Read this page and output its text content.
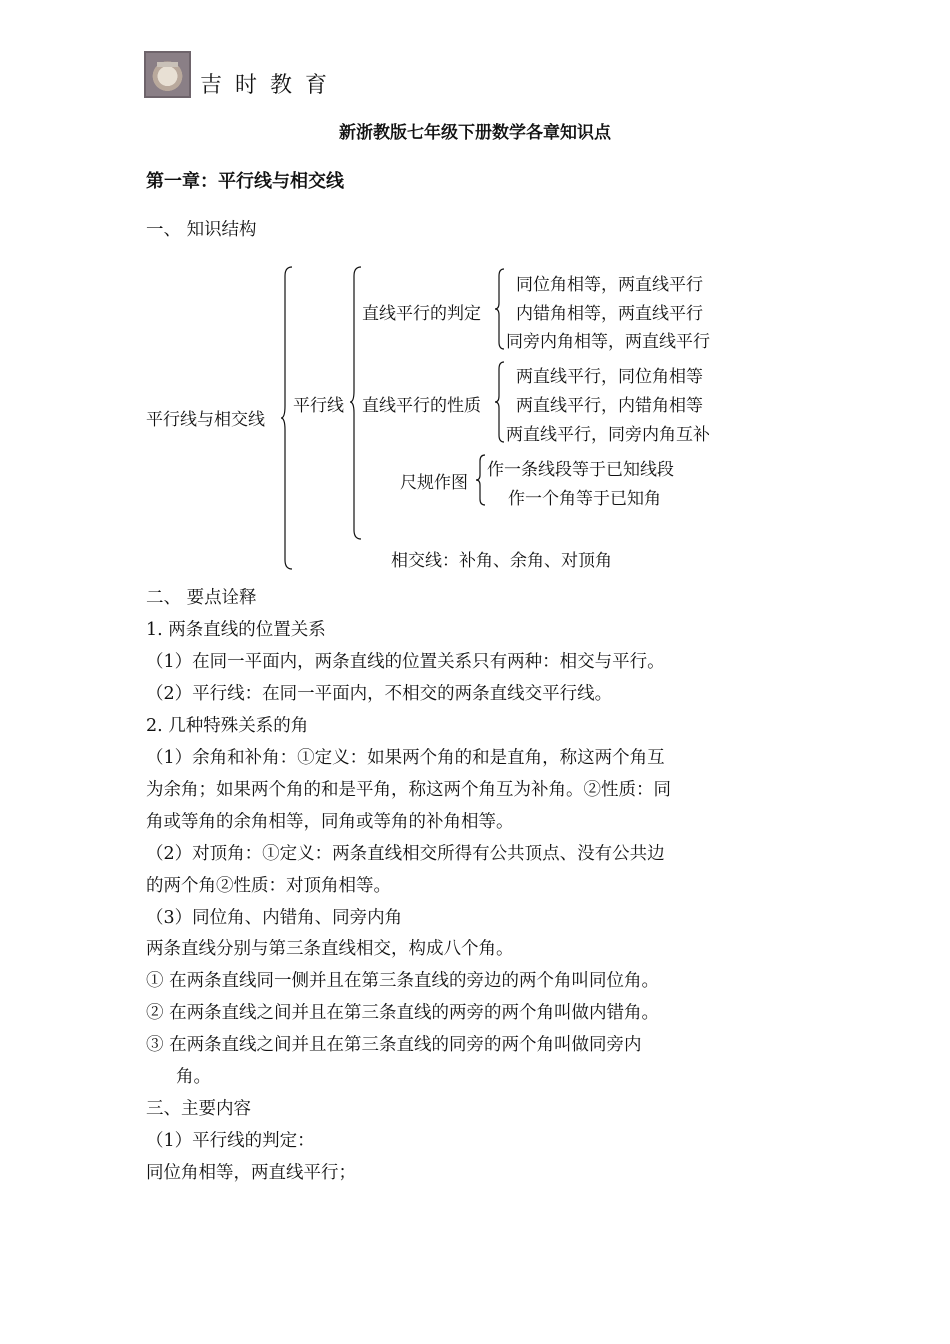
吉时教育
新浙教版七年级下册数学各章知识点
第一章：平行线与相交线
一、 知识结构
平行线与相交线
平行线
直线平行的判定
同位角相等，两直线平行
内错角相等，两直线平行
同旁内角相等，两直线平行
直线平行的性质
两直线平行，同位角相等
两直线平行，内错角相等
两直线平行，同旁内角互补
尺规作图
作一条线段等于已知线段
作一个角等于已知角
相交线：补角、余角、对顶角
二、 要点诠释
1. 两条直线的位置关系
（1）在同一平面内，两条直线的位置关系只有两种：相交与平行。
（2）平行线：在同一平面内，不相交的两条直线交平行线。
2. 几种特殊关系的角
（1）余角和补角：①定义：如果两个角的和是直角，称这两个角互
为余角；如果两个角的和是平角，称这两个角互为补角。②性质：同
角或等角的余角相等，同角或等角的补角相等。
（2）对顶角：①定义：两条直线相交所得有公共顶点、没有公共边
的两个角②性质：对顶角相等。
（3）同位角、内错角、同旁内角
两条直线分别与第三条直线相交，构成八个角。
① 在两条直线同一侧并且在第三条直线的旁边的两个角叫同位角。
② 在两条直线之间并且在第三条直线的两旁的两个角叫做内错角。
③ 在两条直线之间并且在第三条直线的同旁的两个角叫做同旁内
角。
三、主要内容
（1）平行线的判定：
同位角相等，两直线平行；
